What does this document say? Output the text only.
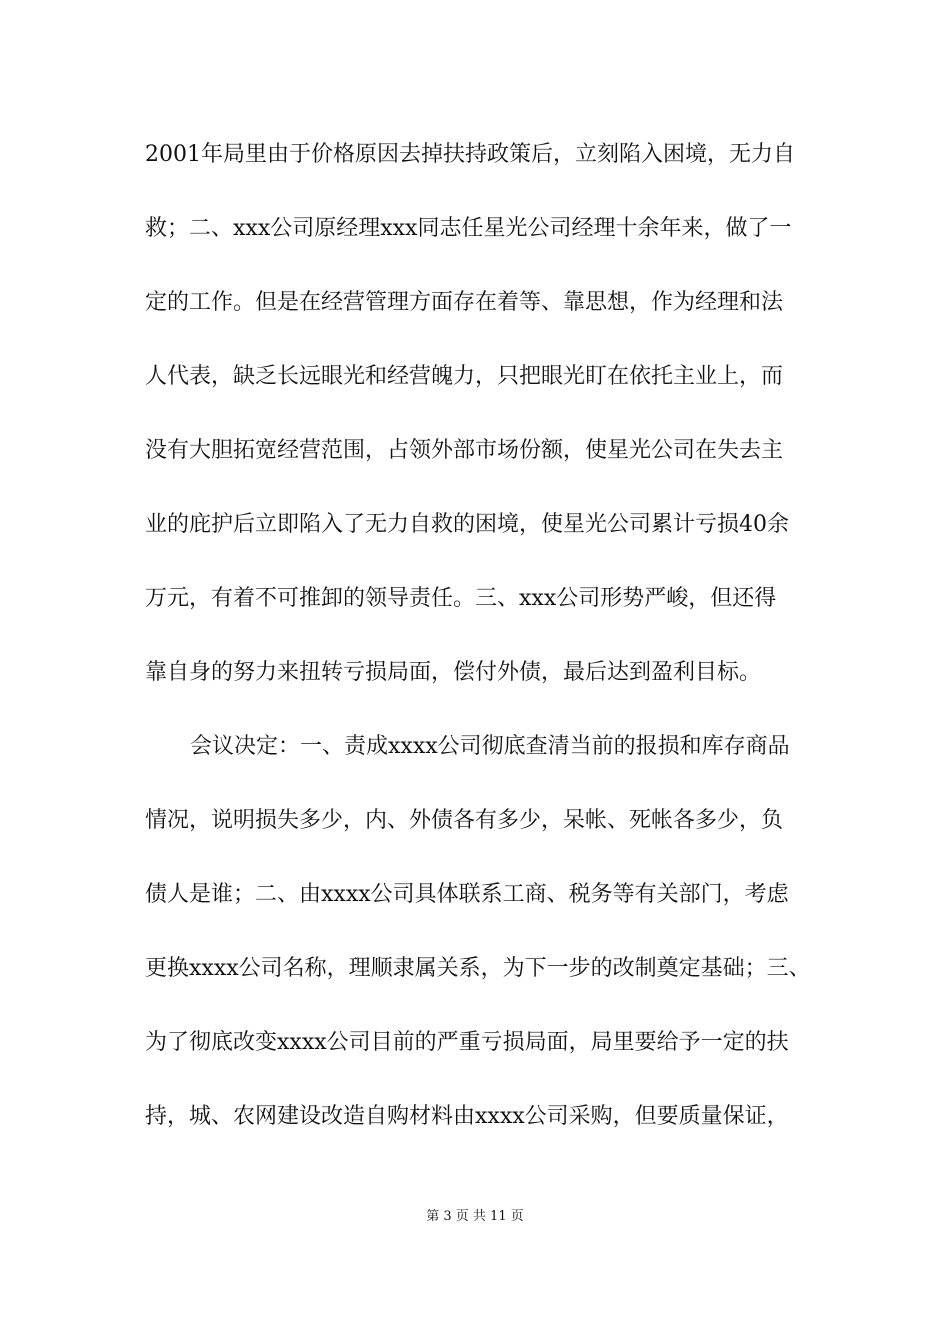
2001年局里由于价格原因去掉扶持政策后，立刻陷入困境，无力自
救；二、xxx公司原经理xxx同志任星光公司经理十余年来，做了一
定的工作。但是在经营管理方面存在着等、靠思想，作为经理和法
人代表，缺乏长远眼光和经营魄力，只把眼光盯在依托主业上，而
没有大胆拓宽经营范围，占领外部市场份额，使星光公司在失去主
业的庇护后立即陷入了无力自救的困境，使星光公司累计亏损40余
万元，有着不可推卸的领导责任。三、xxx公司形势严峻，但还得
靠自身的努力来扭转亏损局面，偿付外债，最后达到盈利目标。
会议决定：一、责成xxxx公司彻底查清当前的报损和库存商品
情况，说明损失多少，内、外债各有多少，呆帐、死帐各多少，负
债人是谁；二、由xxxx公司具体联系工商、税务等有关部门，考虑
更换xxxx公司名称，理顺隶属关系，为下一步的改制奠定基础；三、
为了彻底改变xxxx公司目前的严重亏损局面，局里要给予一定的扶
持，城、农网建设改造自购材料由xxxx公司采购，但要质量保证，
第 3 页 共 11 页
